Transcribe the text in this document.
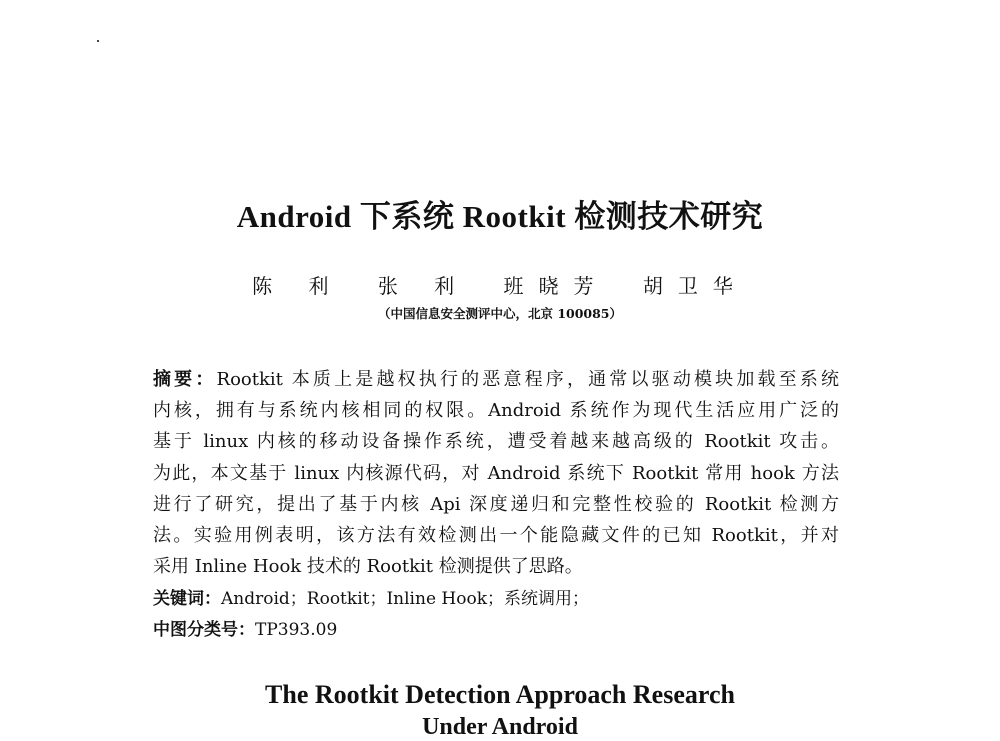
Android 下系统 Rootkit 检测技术研究
陈 利 张 利 班晓芳 胡卫华
（中国信息安全测评中心，北京 100085）
摘要：Rootkit 本质上是越权执行的恶意程序，通常以驱动模块加载至系统
内核，拥有与系统内核相同的权限。Android 系统作为现代生活应用广泛的
基于 linux 内核的移动设备操作系统，遭受着越来越高级的 Rootkit 攻击。
为此，本文基于 linux 内核源代码，对 Android 系统下 Rootkit 常用 hook 方法
进行了研究，提出了基于内核 Api 深度递归和完整性校验的 Rootkit 检测方
法。实验用例表明，该方法有效检测出一个能隐藏文件的已知 Rootkit，并对
采用 Inline Hook 技术的 Rootkit 检测提供了思路。
关键词：Android；Rootkit；Inline Hook；系统调用；
中图分类号：TP393.09
The Rootkit Detection Approach Research
Under Android
